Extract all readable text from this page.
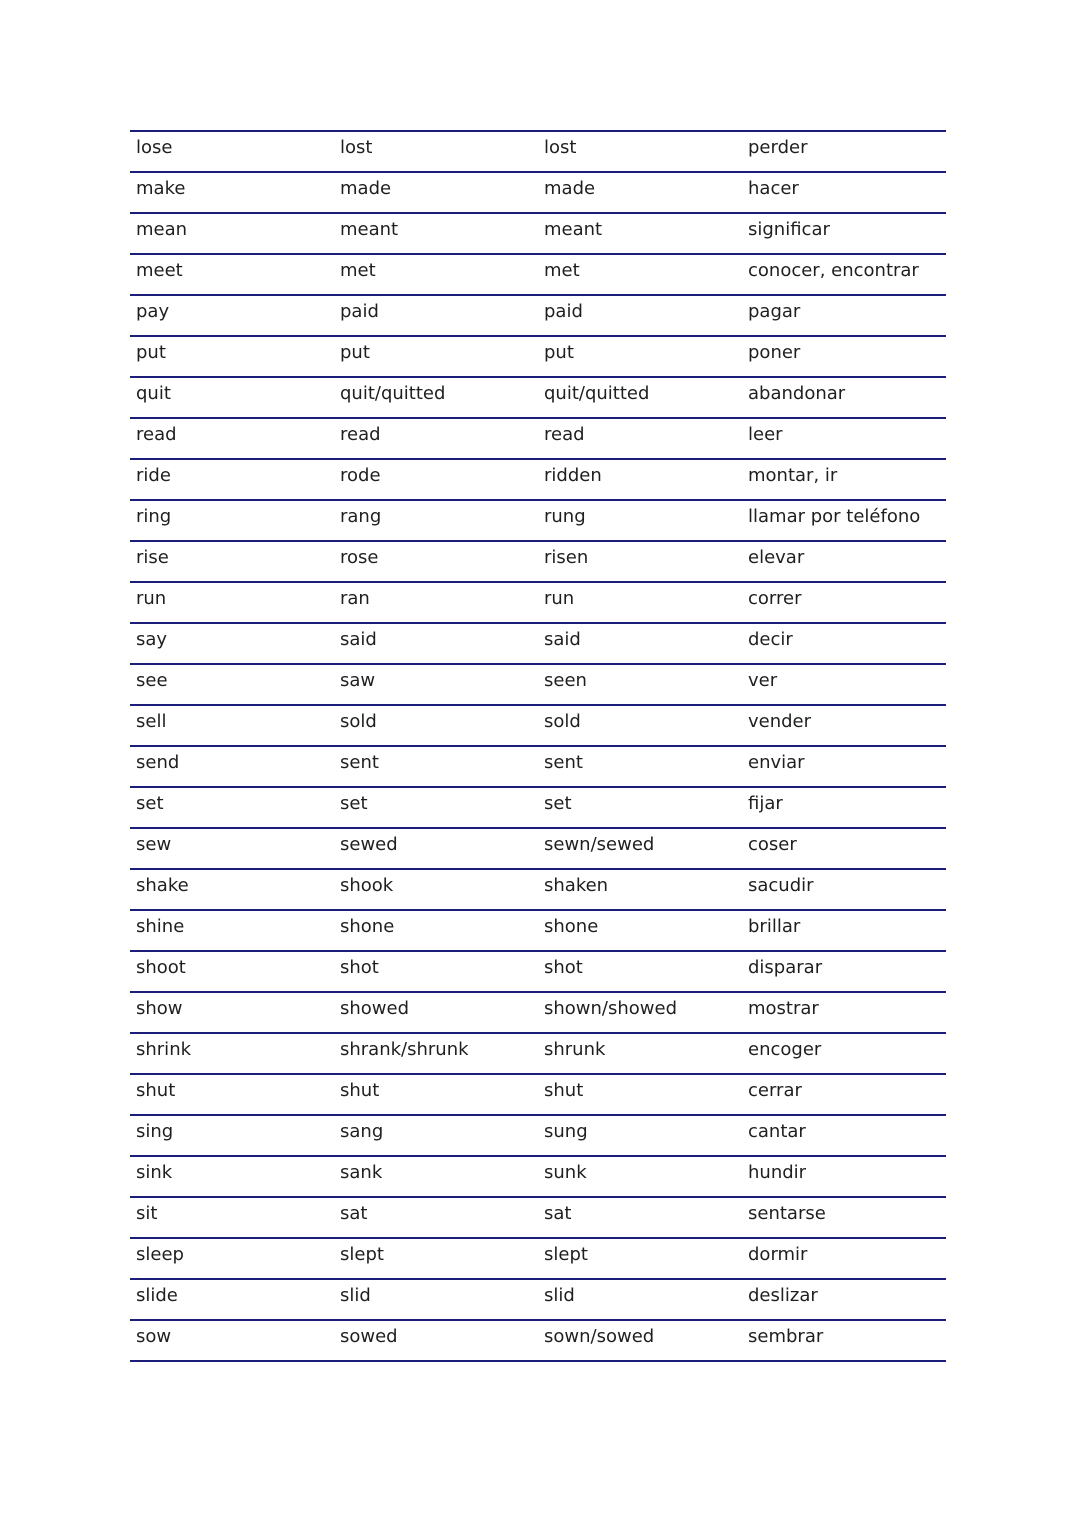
lose	lost	lost	perder
make	made	made	hacer
mean	meant	meant	significar
meet	met	met	conocer, encontrar
pay	paid	paid	pagar
put	put	put	poner
quit	quit/quitted	quit/quitted	abandonar
read	read	read	leer
ride	rode	ridden	montar, ir
ring	rang	rung	llamar por teléfono
rise	rose	risen	elevar
run	ran	run	correr
say	said	said	decir
see	saw	seen	ver
sell	sold	sold	vender
send	sent	sent	enviar
set	set	set	fijar
sew	sewed	sewn/sewed	coser
shake	shook	shaken	sacudir
shine	shone	shone	brillar
shoot	shot	shot	disparar
show	showed	shown/showed	mostrar
shrink	shrank/shrunk	shrunk	encoger
shut	shut	shut	cerrar
sing	sang	sung	cantar
sink	sank	sunk	hundir
sit	sat	sat	sentarse
sleep	slept	slept	dormir
slide	slid	slid	deslizar
sow	sowed	sown/sowed	sembrar
